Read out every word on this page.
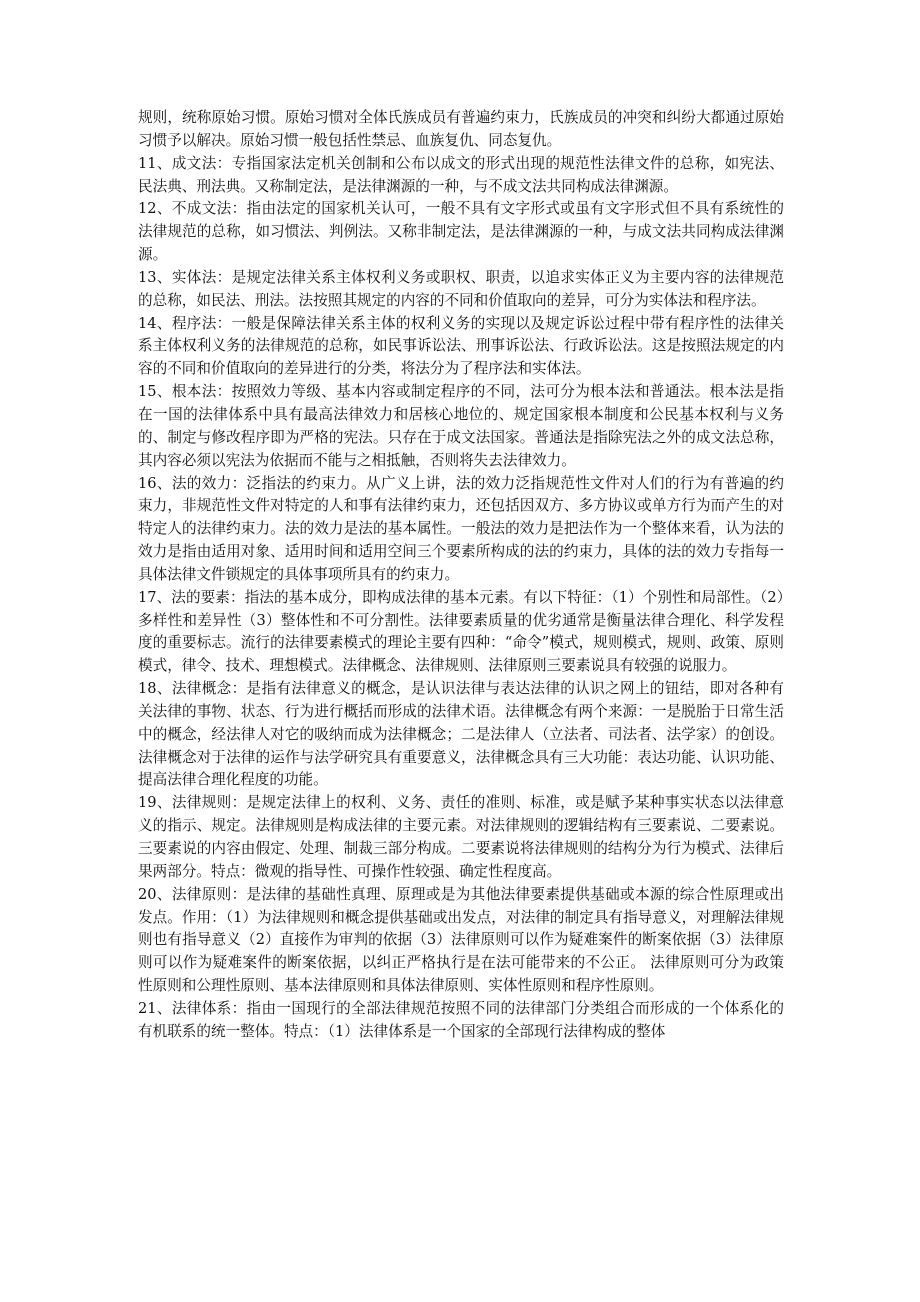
规则，统称原始习惯。原始习惯对全体氏族成员有普遍约束力，氏族成员的冲突和纠纷大都通过原始习惯予以解决。原始习惯一般包括性禁忌、血族复仇、同态复仇。

11、成文法：专指国家法定机关创制和公布以成文的形式出现的规范性法律文件的总称，如宪法、民法典、刑法典。又称制定法，是法律渊源的一种，与不成文法共同构成法律渊源。

12、不成文法：指由法定的国家机关认可，一般不具有文字形式或虽有文字形式但不具有系统性的法律规范的总称，如习惯法、判例法。又称非制定法，是法律渊源的一种，与成文法共同构成法律渊源。

13、实体法：是规定法律关系主体权利义务或职权、职责，以追求实体正义为主要内容的法律规范的总称，如民法、刑法。法按照其规定的内容的不同和价值取向的差异，可分为实体法和程序法。

14、程序法：一般是保障法律关系主体的权利义务的实现以及规定诉讼过程中带有程序性的法律关系主体权利义务的法律规范的总称，如民事诉讼法、刑事诉讼法、行政诉讼法。这是按照法规定的内容的不同和价值取向的差异进行的分类，将法分为了程序法和实体法。

15、根本法：按照效力等级、基本内容或制定程序的不同，法可分为根本法和普通法。根本法是指在一国的法律体系中具有最高法律效力和居核心地位的、规定国家根本制度和公民基本权利与义务的、制定与修改程序即为严格的宪法。只存在于成文法国家。普通法是指除宪法之外的成文法总称，其内容必须以宪法为依据而不能与之相抵触，否则将失去法律效力。

16、法的效力：泛指法的约束力。从广义上讲，法的效力泛指规范性文件对人们的行为有普遍的约束力，非规范性文件对特定的人和事有法律约束力，还包括因双方、多方协议或单方行为而产生的对特定人的法律约束力。法的效力是法的基本属性。一般法的效力是把法作为一个整体来看，认为法的效力是指由适用对象、适用时间和适用空间三个要素所构成的法的约束力，具体的法的效力专指每一具体法律文件锁规定的具体事项所具有的约束力。

17、法的要素：指法的基本成分，即构成法律的基本元素。有以下特征：（1）个别性和局部性。（2）多样性和差异性（3）整体性和不可分割性。法律要素质量的优劣通常是衡量法律合理化、科学发程度的重要标志。流行的法律要素模式的理论主要有四种：“命令”模式，规则模式，规则、政策、原则模式，律令、技术、理想模式。法律概念、法律规则、法律原则三要素说具有较强的说服力。

18、法律概念：是指有法律意义的概念，是认识法律与表达法律的认识之网上的钮结，即对各种有关法律的事物、状态、行为进行概括而形成的法律术语。法律概念有两个来源：一是脱胎于日常生活中的概念，经法律人对它的吸纳而成为法律概念；二是法律人（立法者、司法者、法学家）的创设。法律概念对于法律的运作与法学研究具有重要意义，法律概念具有三大功能：表达功能、认识功能、提高法律合理化程度的功能。

19、法律规则：是规定法律上的权利、义务、责任的准则、标准，或是赋予某种事实状态以法律意义的指示、规定。法律规则是构成法律的主要元素。对法律规则的逻辑结构有三要素说、二要素说。三要素说的内容由假定、处理、制裁三部分构成。二要素说将法律规则的结构分为行为模式、法律后果两部分。特点：微观的指导性、可操作性较强、确定性程度高。

20、法律原则：是法律的基础性真理、原理或是为其他法律要素提供基础或本源的综合性原理或出发点。作用：（1）为法律规则和概念提供基础或出发点，对法律的制定具有指导意义，对理解法律规则也有指导意义（2）直接作为审判的依据（3）法律原则可以作为疑难案件的断案依据（3）法律原则可以作为疑难案件的断案依据，以纠正严格执行是在法可能带来的不公正。 法律原则可分为政策性原则和公理性原则、基本法律原则和具体法律原则、实体性原则和程序性原则。

21、法律体系：指由一国现行的全部法律规范按照不同的法律部门分类组合而形成的一个体系化的有机联系的统一整体。特点：（1）法律体系是一个国家的全部现行法律构成的整体
